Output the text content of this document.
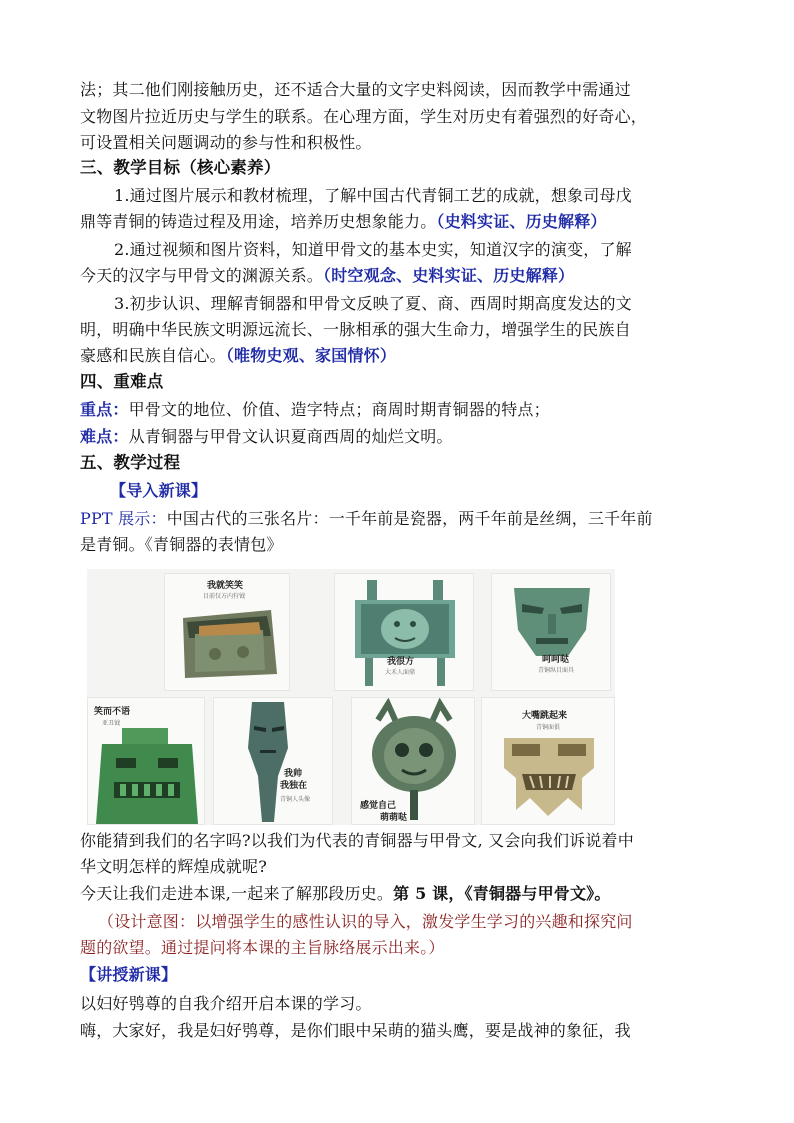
法；其二他们刚接触历史，还不适合大量的文字史料阅读，因而教学中需通过
文物图片拉近历史与学生的联系。在心理方面，学生对历史有着强烈的好奇心，
可设置相关问题调动的参与性和积极性。
三、教学目标（核心素养）
1.通过图片展示和教材梳理，了解中国古代青铜工艺的成就，想象司母戊
鼎等青铜的铸造过程及用途，培养历史想象能力。（史料实证、历史解释）
2.通过视频和图片资料，知道甲骨文的基本史实，知道汉字的演变，了解
今天的汉字与甲骨文的渊源关系。（时空观念、史料实证、历史解释）
3.初步认识、理解青铜器和甲骨文反映了夏、商、西周时期高度发达的文
明，明确中华民族文明源远流长、一脉相承的强大生命力，增强学生的民族自
豪感和民族自信心。（唯物史观、家国情怀）
四、重难点
重点：甲骨文的地位、价值、造字特点；商周时期青铜器的特点；
难点：从青铜器与甲骨文认识夏商西周的灿烂文明。
五、教学过程
【导入新课】
PPT 展示：中国古代的三张名片：一千年前是瓷器，两千年前是丝绸，三千年前
是青铜。《青铜器的表情包》
我就笑笑
目前仅方内狩钺
我很方
大禾人面鼎
呵呵哒
青铜纵目面具
笑而不语
亚丑钺
我帅
我独在
青铜人头像
感觉自己
萌萌哒
大嘴跳起来
青铜面俱
你能猜到我们的名字吗?以我们为代表的青铜器与甲骨文, 又会向我们诉说着中
华文明怎样的辉煌成就呢?
今天让我们走进本课,一起来了解那段历史。第 5 课，《青铜器与甲骨文》。
（设计意图：以增强学生的感性认识的导入，激发学生学习的兴趣和探究问
题的欲望。通过提问将本课的主旨脉络展示出来。）
【讲授新课】
以妇好鸮尊的自我介绍开启本课的学习。
嗨，大家好，我是妇好鸮尊，是你们眼中呆萌的猫头鹰，要是战神的象征，我
